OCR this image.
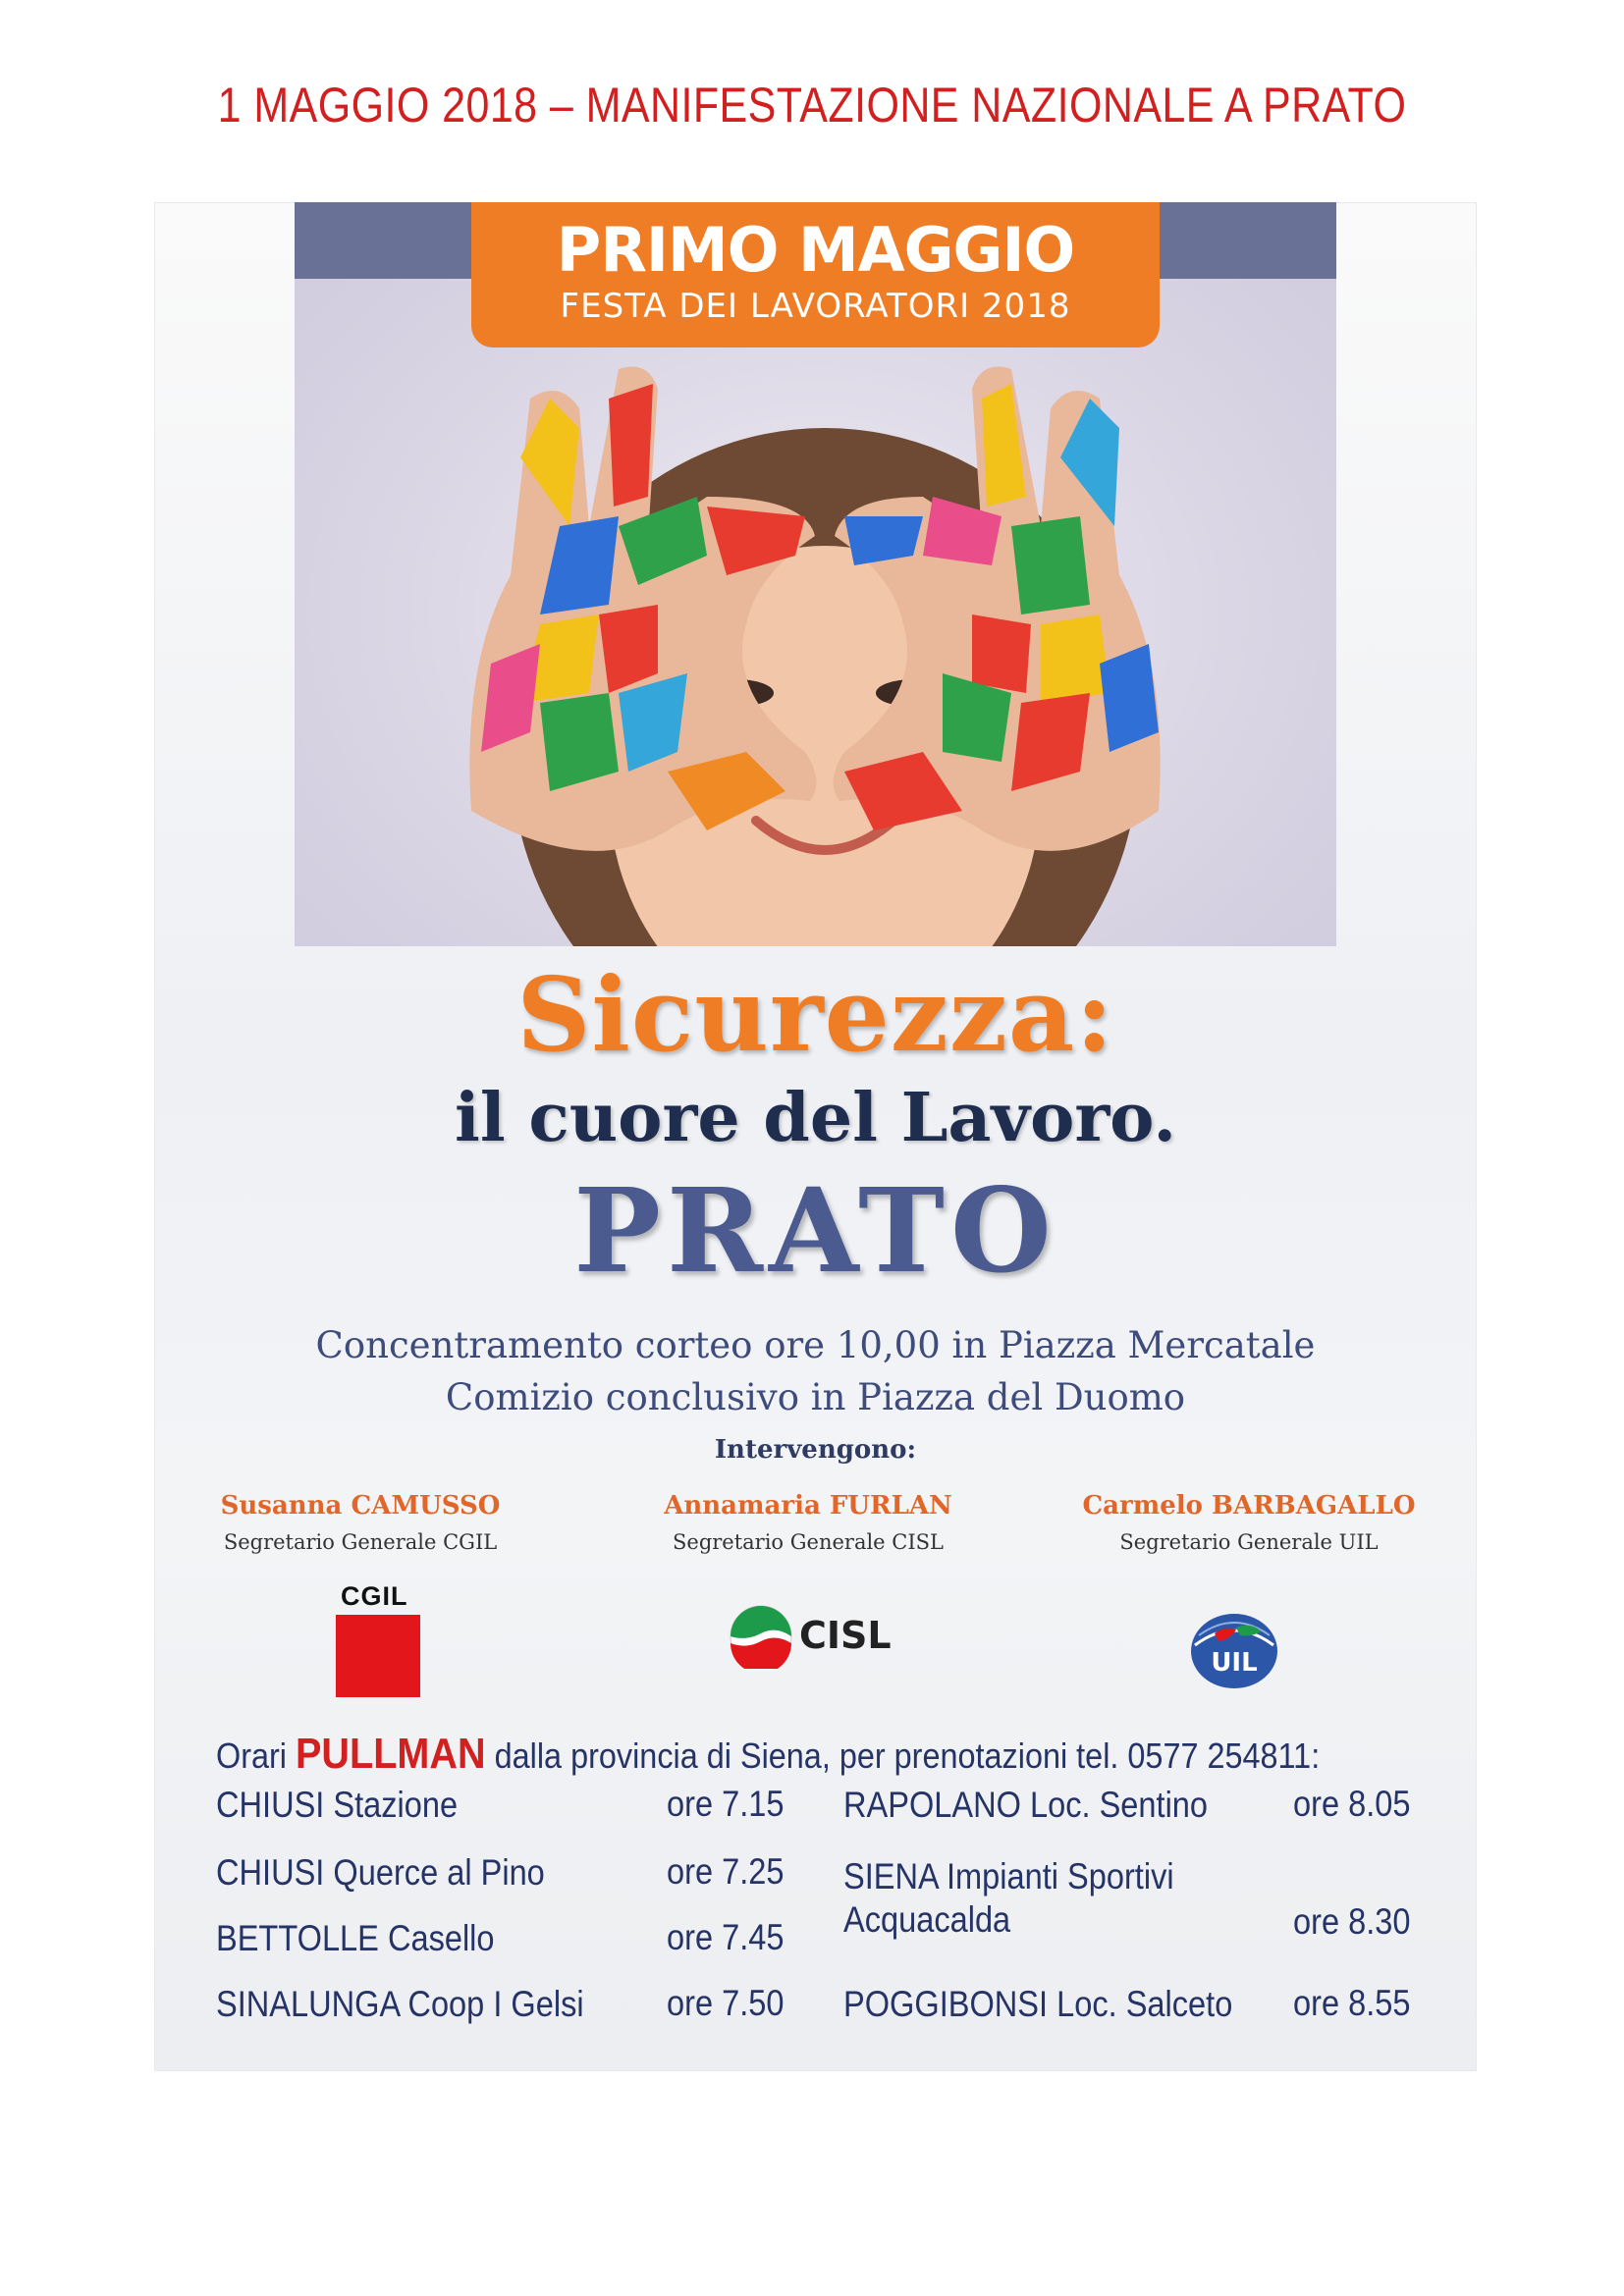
1 MAGGIO 2018 – MANIFESTAZIONE NAZIONALE A PRATO
PRIMO MAGGIO
FESTA DEI LAVORATORI 2018
Sicurezza:
il cuore del Lavoro.
PRATO
Concentramento corteo ore 10,00 in Piazza Mercatale
Comizio conclusivo in Piazza del Duomo
Intervengono:
Susanna CAMUSSO
Segretario Generale CGIL
Annamaria FURLAN
Segretario Generale CISL
Carmelo BARBAGALLO
Segretario Generale UIL
CGIL
CISL
UIL
Orari PULLMAN dalla provincia di Siena, per prenotazioni tel. 0577 254811:
CHIUSI Stazione	ore 7.15
CHIUSI Querce al Pino	ore 7.25
BETTOLLE Casello	ore 7.45
SINALUNGA Coop I Gelsi ore 7.50
RAPOLANO Loc. Sentino ore 8.05
SIENA Impianti Sportivi
Acquacalda	ore 8.30
POGGIBONSI Loc. Salceto ore 8.55
